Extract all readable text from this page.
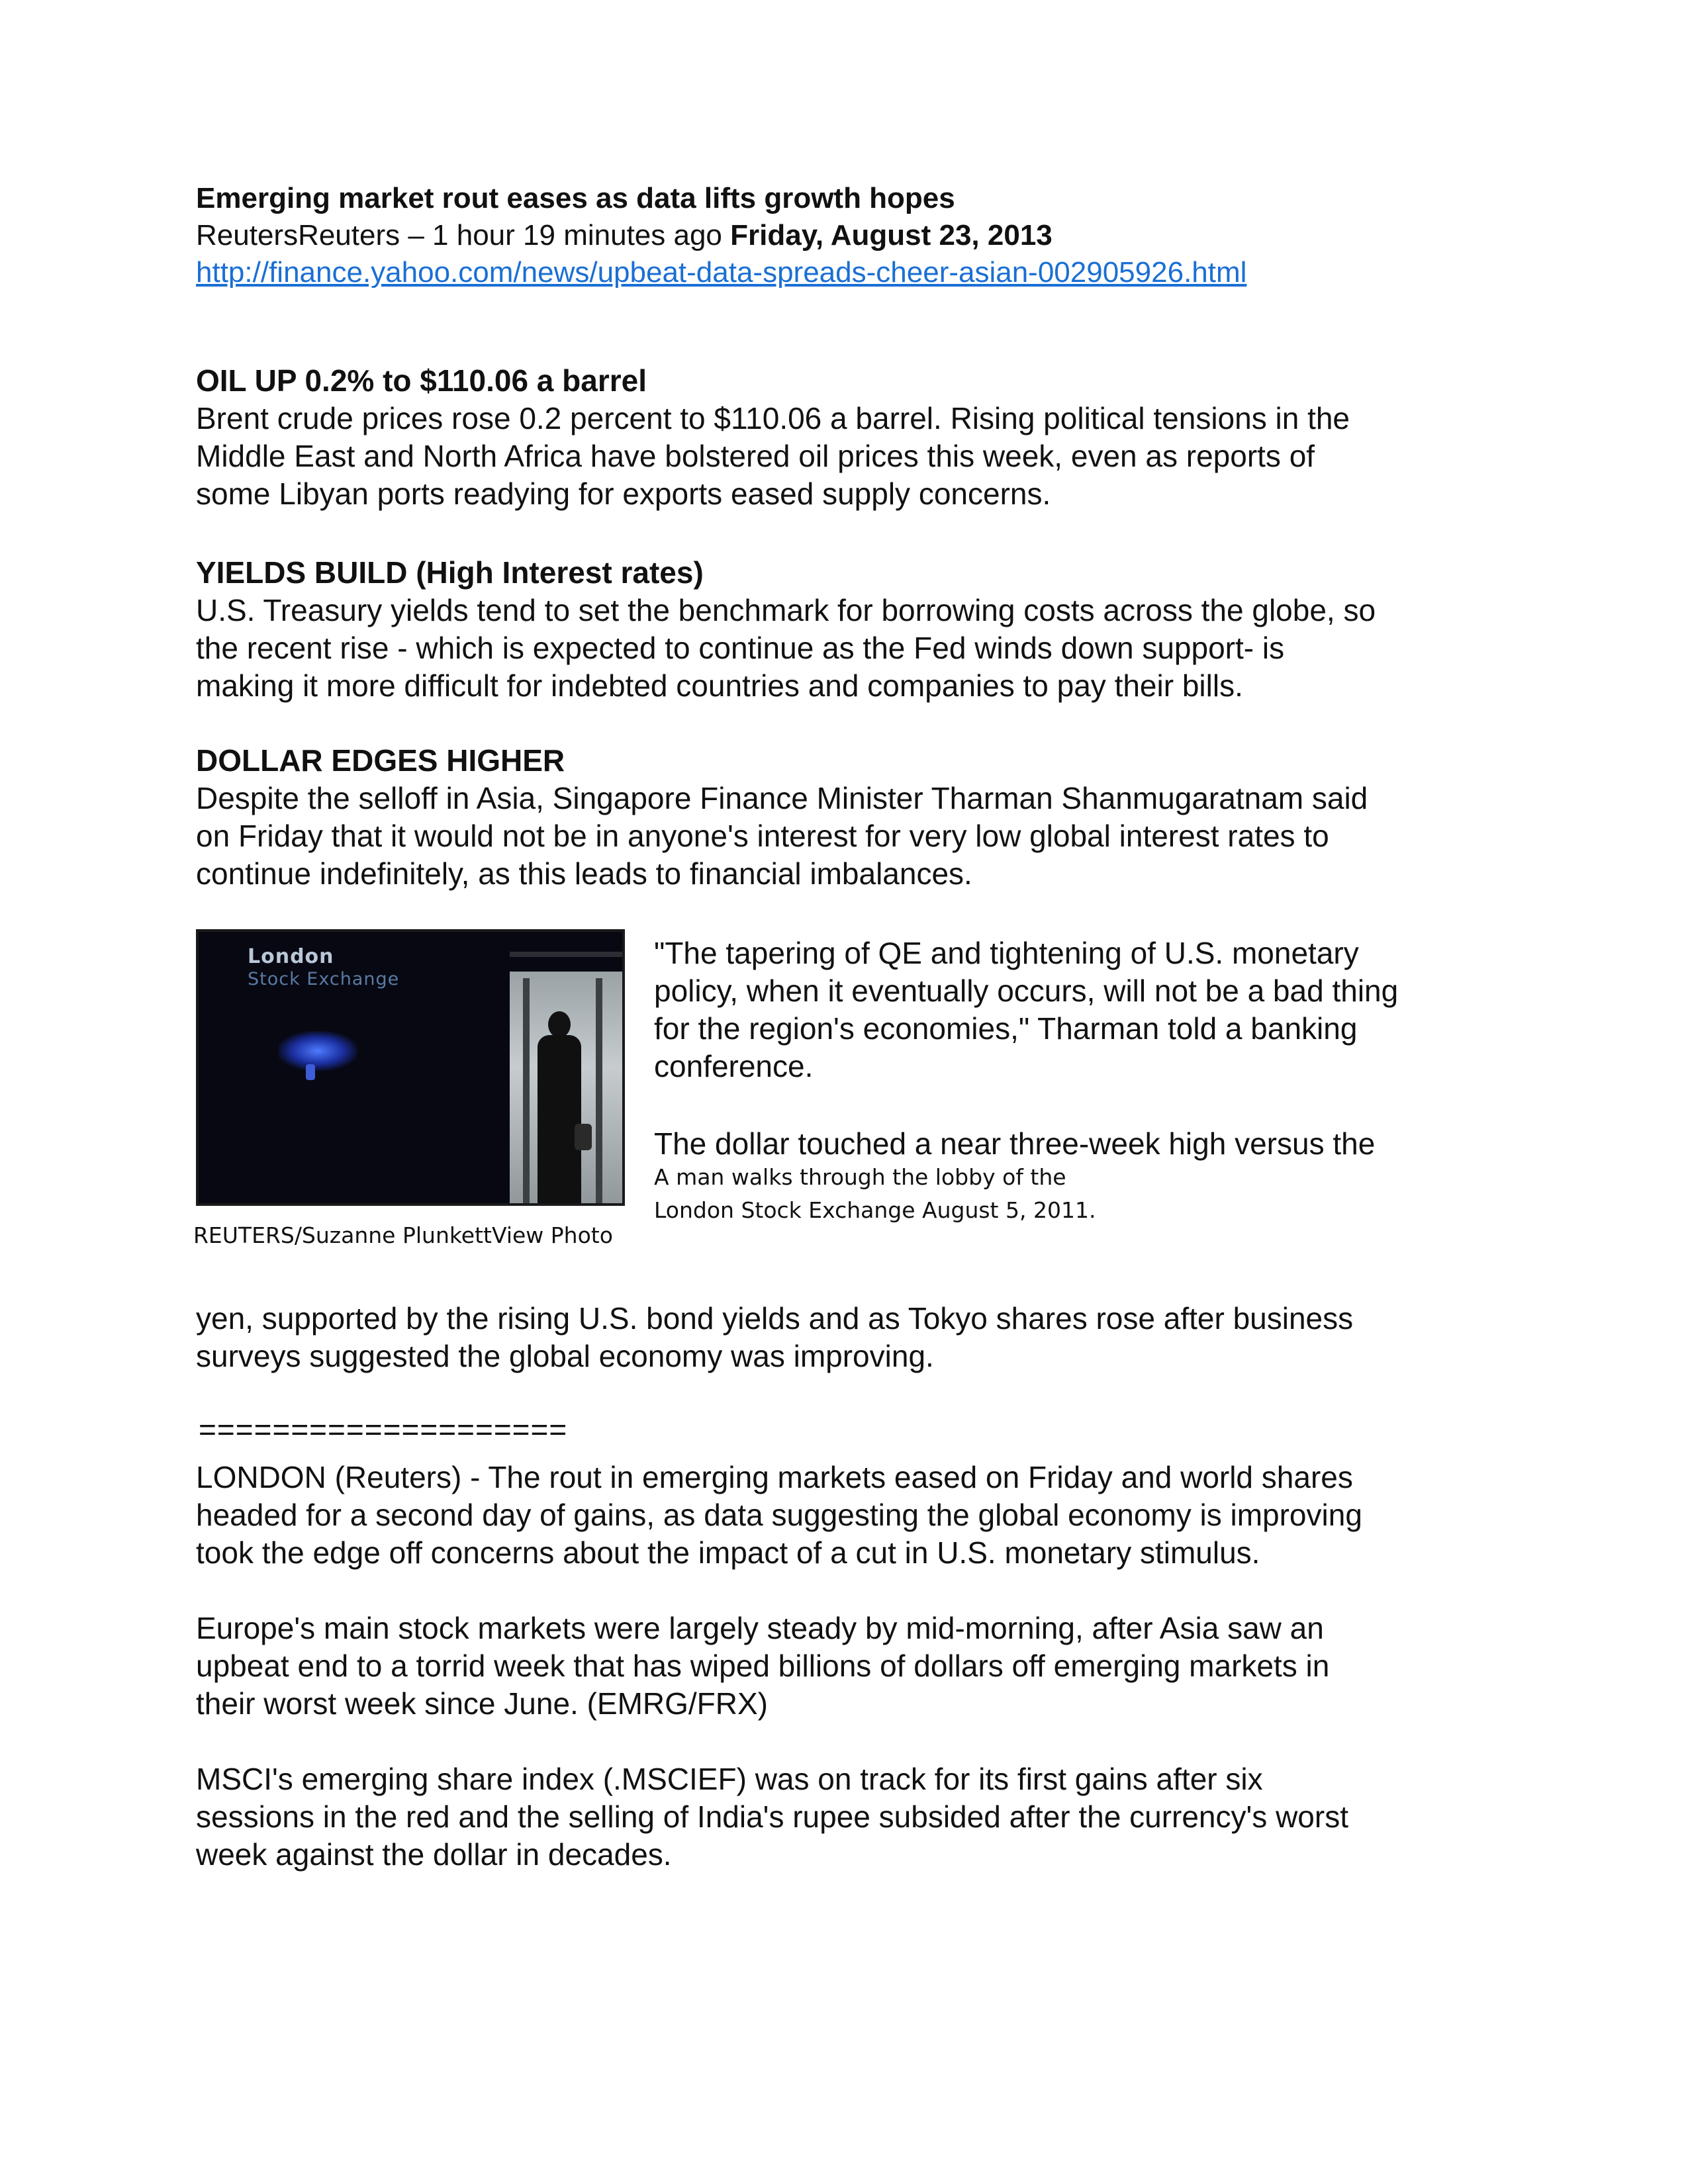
Emerging market rout eases as data lifts growth hopes
ReutersReuters – 1 hour 19 minutes ago Friday, August 23, 2013
http://finance.yahoo.com/news/upbeat-data-spreads-cheer-asian-002905926.html
OIL UP 0.2% to $110.06 a barrel
Brent crude prices rose 0.2 percent to $110.06 a barrel. Rising political tensions in the
Middle East and North Africa have bolstered oil prices this week, even as reports of
some Libyan ports readying for exports eased supply concerns.
YIELDS BUILD (High Interest rates)
U.S. Treasury yields tend to set the benchmark for borrowing costs across the globe, so
the recent rise - which is expected to continue as the Fed winds down support- is
making it more difficult for indebted countries and companies to pay their bills.
DOLLAR EDGES HIGHER
Despite the selloff in Asia, Singapore Finance Minister Tharman Shanmugaratnam said
on Friday that it would not be in anyone's interest for very low global interest rates to
continue indefinitely, as this leads to financial imbalances.
London
Stock Exchange
REUTERS/Suzanne PlunkettView Photo
"The tapering of QE and tightening of U.S. monetary
policy, when it eventually occurs, will not be a bad thing
for the region's economies," Tharman told a banking
conference.
The dollar touched a near three-week high versus the
A man walks through the lobby of the
London Stock Exchange August 5, 2011.
yen, supported by the rising U.S. bond yields and as Tokyo shares rose after business
surveys suggested the global economy was improving.
====================
LONDON (Reuters) - The rout in emerging markets eased on Friday and world shares
headed for a second day of gains, as data suggesting the global economy is improving
took the edge off concerns about the impact of a cut in U.S. monetary stimulus.
Europe's main stock markets were largely steady by mid-morning, after Asia saw an
upbeat end to a torrid week that has wiped billions of dollars off emerging markets in
their worst week since June. (EMRG/FRX)
MSCI's emerging share index (.MSCIEF) was on track for its first gains after six
sessions in the red and the selling of India's rupee subsided after the currency's worst
week against the dollar in decades.
